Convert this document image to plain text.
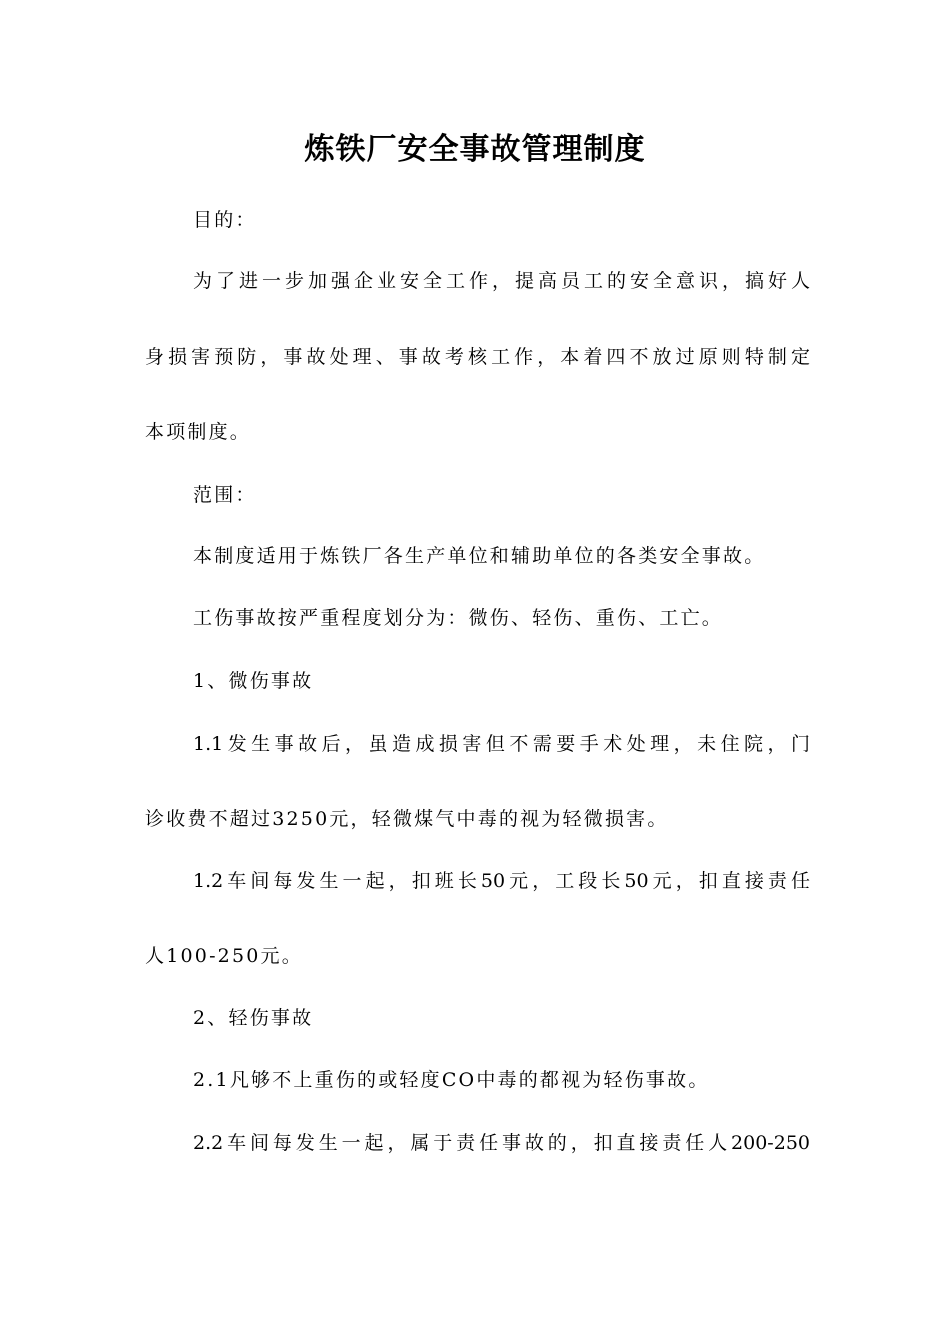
炼铁厂安全事故管理制度
目的：
为了进一步加强企业安全工作，提高员工的安全意识，搞好人
身损害预防，事故处理、事故考核工作，本着四不放过原则特制定
本项制度。
范围：
本制度适用于炼铁厂各生产单位和辅助单位的各类安全事故。
工伤事故按严重程度划分为：微伤、轻伤、重伤、工亡。
1、微伤事故
1.1发生事故后，虽造成损害但不需要手术处理，未住院，门
诊收费不超过3250元，轻微煤气中毒的视为轻微损害。
1.2车间每发生一起，扣班长50元，工段长50元，扣直接责任
人100-250元。
2、轻伤事故
2.1凡够不上重伤的或轻度CO中毒的都视为轻伤事故。
2.2车间每发生一起，属于责任事故的，扣直接责任人200-250
